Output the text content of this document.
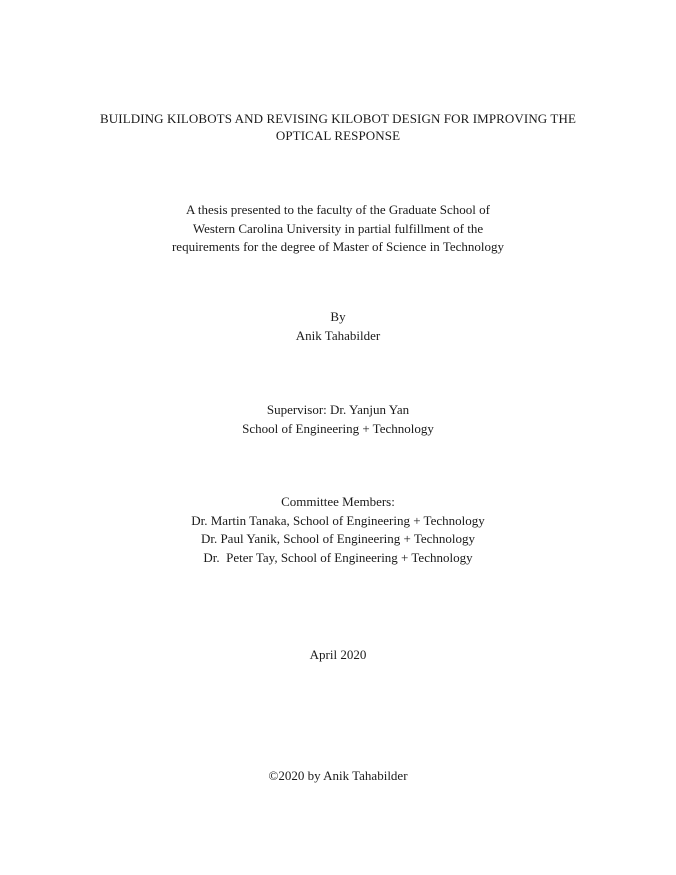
BUILDING KILOBOTS AND REVISING KILOBOT DESIGN FOR IMPROVING THE
OPTICAL RESPONSE
A thesis presented to the faculty of the Graduate School of
Western Carolina University in partial fulfillment of the
requirements for the degree of Master of Science in Technology
By
Anik Tahabilder
Supervisor: Dr. Yanjun Yan
School of Engineering + Technology
Committee Members:
Dr. Martin Tanaka, School of Engineering + Technology
Dr. Paul Yanik, School of Engineering + Technology
Dr.  Peter Tay, School of Engineering + Technology
April 2020
©2020 by Anik Tahabilder
